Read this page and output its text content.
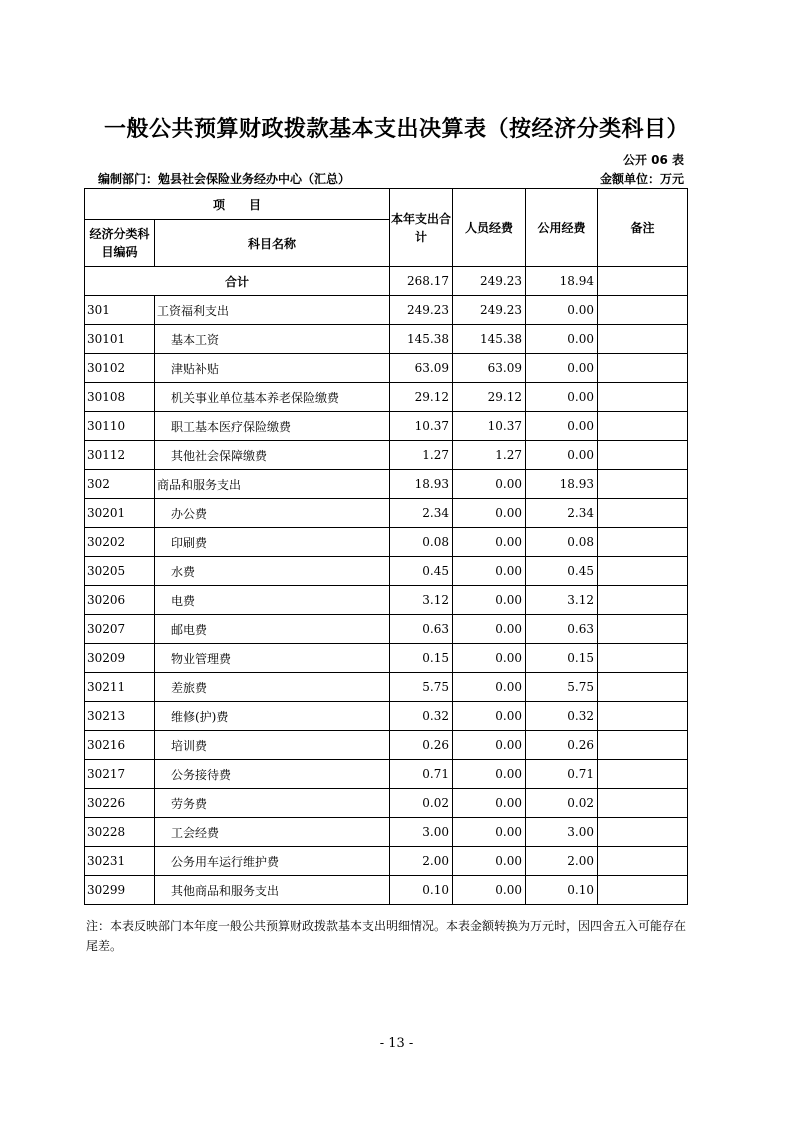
一般公共预算财政拨款基本支出决算表（按经济分类科目）
公开 06 表
编制部门：勉县社会保险业务经办中心（汇总）	金额单位：万元
项　　目		本年支出合计	人员经费	公用经费	备注
经济分类科目编码	科目名称				
合计		268.17	249.23	18.94	
301	工资福利支出	249.23	249.23	0.00	
30101	基本工资	145.38	145.38	0.00	
30102	津贴补贴	63.09	63.09	0.00	
30108	机关事业单位基本养老保险缴费	29.12	29.12	0.00	
30110	职工基本医疗保险缴费	10.37	10.37	0.00	
30112	其他社会保障缴费	1.27	1.27	0.00	
302	商品和服务支出	18.93	0.00	18.93	
30201	办公费	2.34	0.00	2.34	
30202	印刷费	0.08	0.00	0.08	
30205	水费	0.45	0.00	0.45	
30206	电费	3.12	0.00	3.12	
30207	邮电费	0.63	0.00	0.63	
30209	物业管理费	0.15	0.00	0.15	
30211	差旅费	5.75	0.00	5.75	
30213	维修(护)费	0.32	0.00	0.32	
30216	培训费	0.26	0.00	0.26	
30217	公务接待费	0.71	0.00	0.71	
30226	劳务费	0.02	0.00	0.02	
30228	工会经费	3.00	0.00	3.00	
30231	公务用车运行维护费	2.00	0.00	2.00	
30299	其他商品和服务支出	0.10	0.00	0.10	
注：本表反映部门本年度一般公共预算财政拨款基本支出明细情况。本表金额转换为万元时，因四舍五入可能存在尾差。
- 13 -
